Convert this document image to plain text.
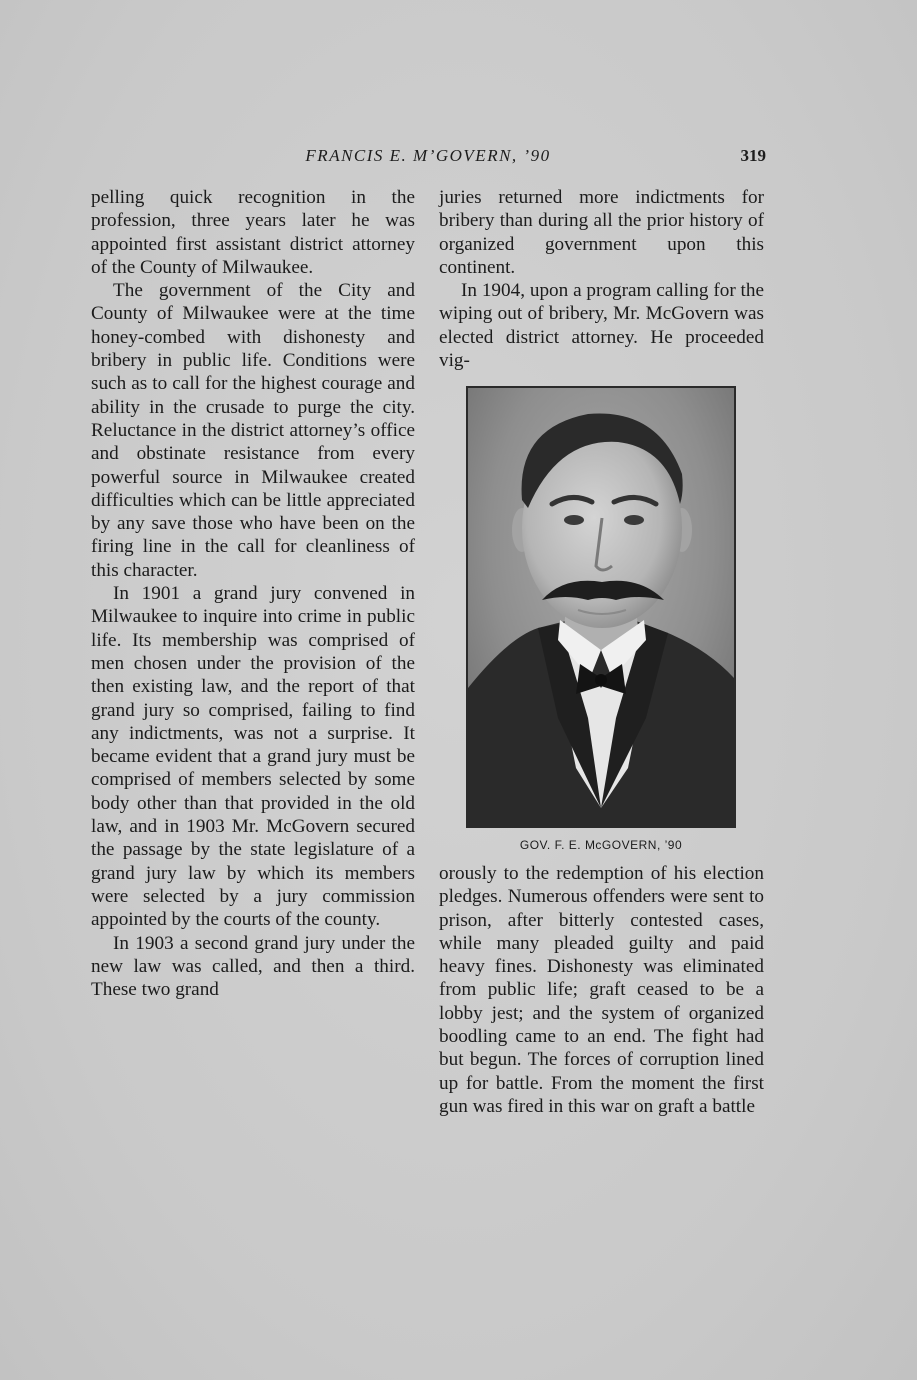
FRANCIS E. M’GOVERN, ’90	319

pelling quick recognition in the profession, three years later he was appointed first assistant district attorney of the County of Milwaukee.

The government of the City and County of Milwaukee were at the time honey-combed with dishonesty and bribery in public life. Conditions were such as to call for the highest courage and ability in the crusade to purge the city. Reluctance in the district attorney’s office and obstinate resistance from every powerful source in Milwaukee created difficulties which can be little appreciated by any save those who have been on the firing line in the call for cleanliness of this character.

In 1901 a grand jury convened in Milwaukee to inquire into crime in public life. Its membership was comprised of men chosen under the provision of the then existing law, and the report of that grand jury so comprised, failing to find any indictments, was not a surprise. It became evident that a grand jury must be comprised of members selected by some body other than that provided in the old law, and in 1903 Mr. McGovern secured the passage by the state legislature of a grand jury law by which its members were selected by a jury commission appointed by the courts of the county.

In 1903 a second grand jury under the new law was called, and then a third. These two grand

juries returned more indictments for bribery than during all the prior history of organized government upon this continent.

In 1904, upon a program calling for the wiping out of bribery, Mr. McGovern was elected district attorney. He proceeded vig-

GOV. F. E. McGOVERN, ’90

orously to the redemption of his election pledges. Numerous offenders were sent to prison, after bitterly contested cases, while many pleaded guilty and paid heavy fines. Dishonesty was eliminated from public life; graft ceased to be a lobby jest; and the system of organized boodling came to an end. The fight had but begun. The forces of corruption lined up for battle. From the moment the first gun was fired in this war on graft a battle
